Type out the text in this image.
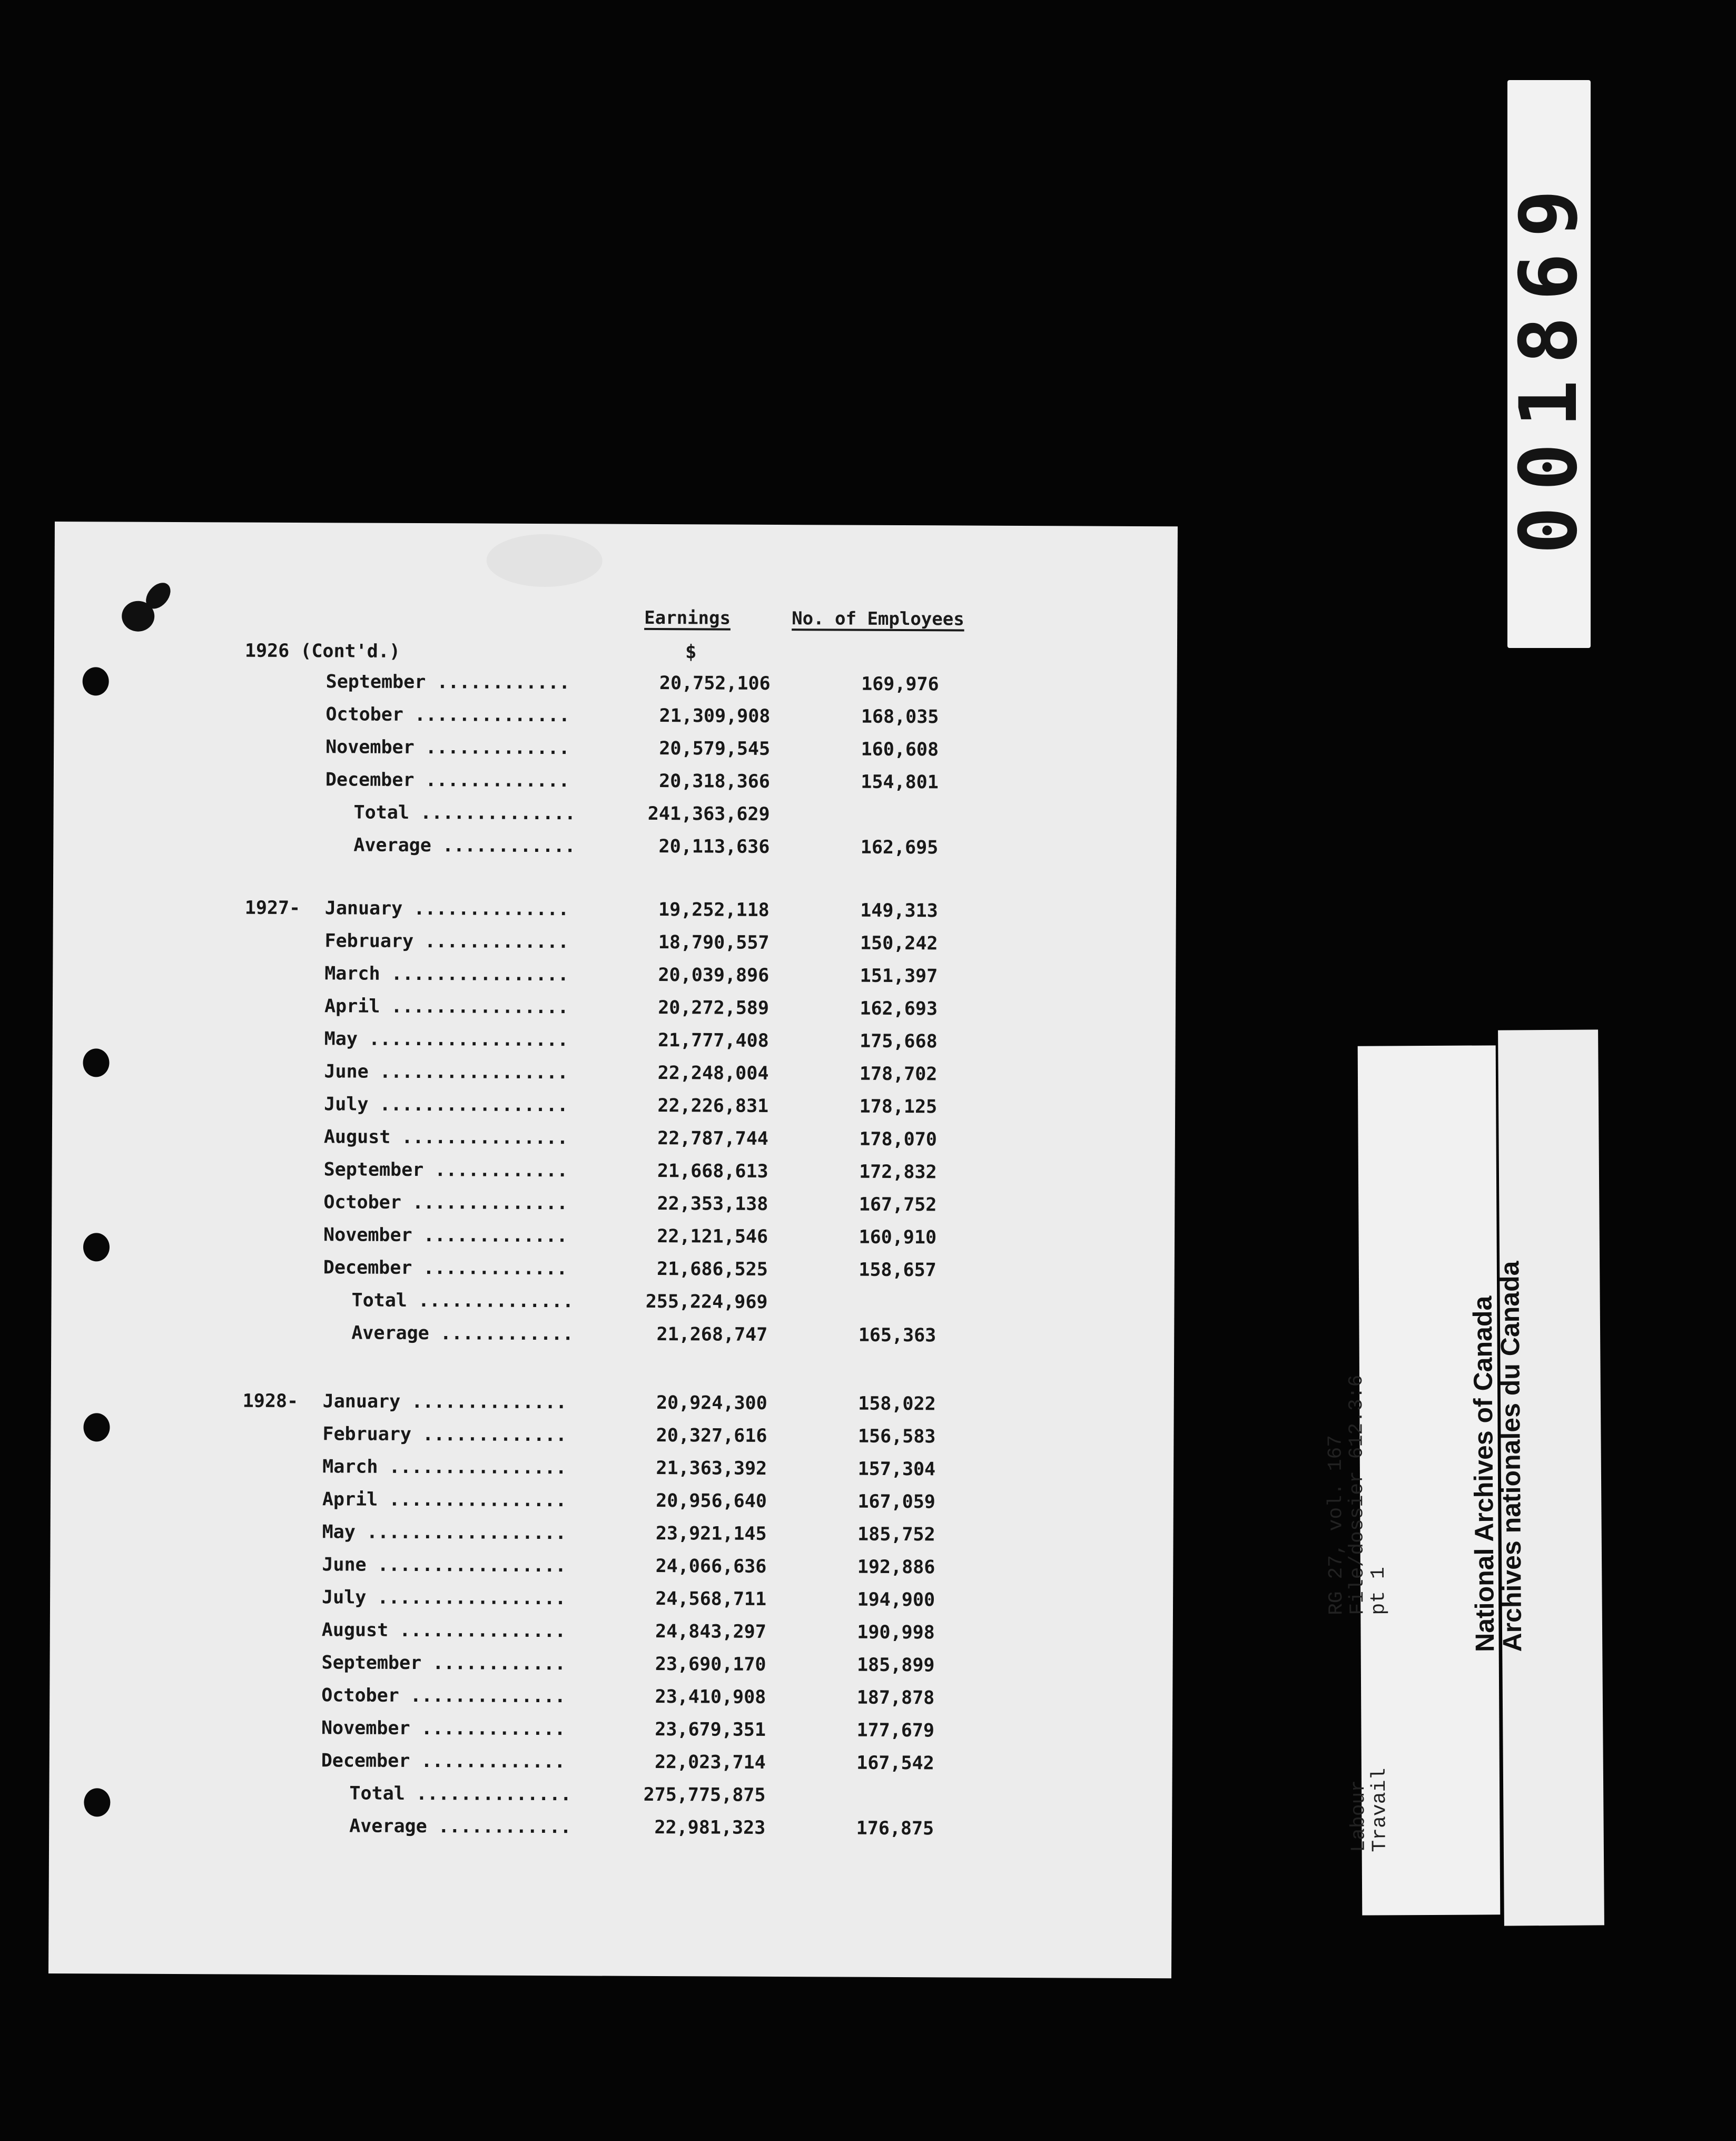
Earnings	No. of Employees
$
1926 (Cont'd.)
September ............	20,752,106	169,976
October ..............	21,309,908	168,035
November .............	20,579,545	160,608
December .............	20,318,366	154,801
Total ..............	241,363,629
Average ............	20,113,636	162,695
1927- January ..............	19,252,118	149,313
February .............	18,790,557	150,242
March ................	20,039,896	151,397
April ................	20,272,589	162,693
May ..................	21,777,408	175,668
June .................	22,248,004	178,702
July .................	22,226,831	178,125
August ...............	22,787,744	178,070
September ............	21,668,613	172,832
October ..............	22,353,138	167,752
November .............	22,121,546	160,910
December .............	21,686,525	158,657
Total ..............	255,224,969
Average ............	21,268,747	165,363
1928- January ..............	20,924,300	158,022
February .............	20,327,616	156,583
March ................	21,363,392	157,304
April ................	20,956,640	167,059
May ..................	23,921,145	185,752
June .................	24,066,636	192,886
July .................	24,568,711	194,900
August ...............	24,843,297	190,998
September ............	23,690,170	185,899
October ..............	23,410,908	187,878
November .............	23,679,351	177,679
December .............	22,023,714	167,542
Total ..............	275,775,875
Average ............	22,981,323	176,875
001869
RG 27, vol. 167
File/dossier 612.3:6
pt 1
Labour
Travail
National Archives of Canada
Archives nationales du Canada
